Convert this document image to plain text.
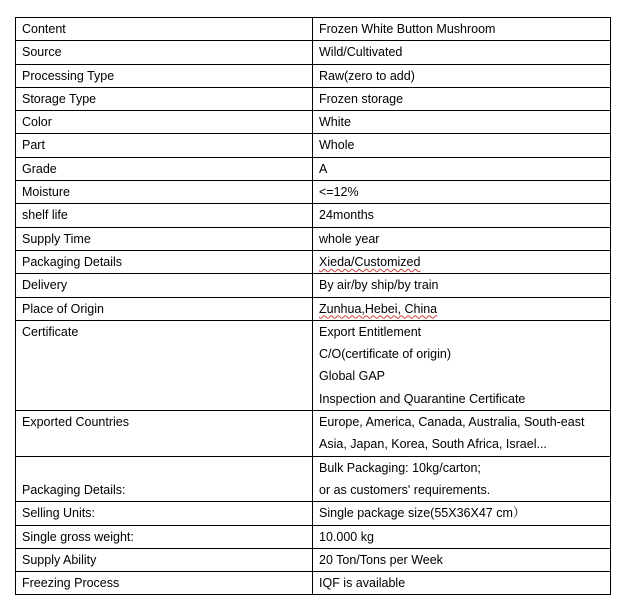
Content	Frozen White Button Mushroom

Source	Wild/Cultivated

Processing Type	Raw(zero to add)

Storage Type	Frozen storage

Color	White

Part	Whole

Grade	A

Moisture	<=12%

shelf life	24months

Supply Time	whole year

Packaging Details	Xieda/Customized

Delivery	By air/by ship/by train

Place of Origin	Zunhua,Hebei, China

Certificate	Export Entitlement
C/O(certificate of origin)
Global GAP
Inspection and Quarantine Certificate

Exported Countries	Europe, America, Canada, Australia, South-east
Asia, Japan, Korea, South Africa, Israel...

Packaging Details:	Bulk Packaging: 10kg/carton;
or as customers' requirements.

Selling Units:	Single package size(55X36X47 cm）

Single gross weight:	10.000 kg

Supply Ability	20 Ton/Tons per Week

Freezing Process	IQF is available
